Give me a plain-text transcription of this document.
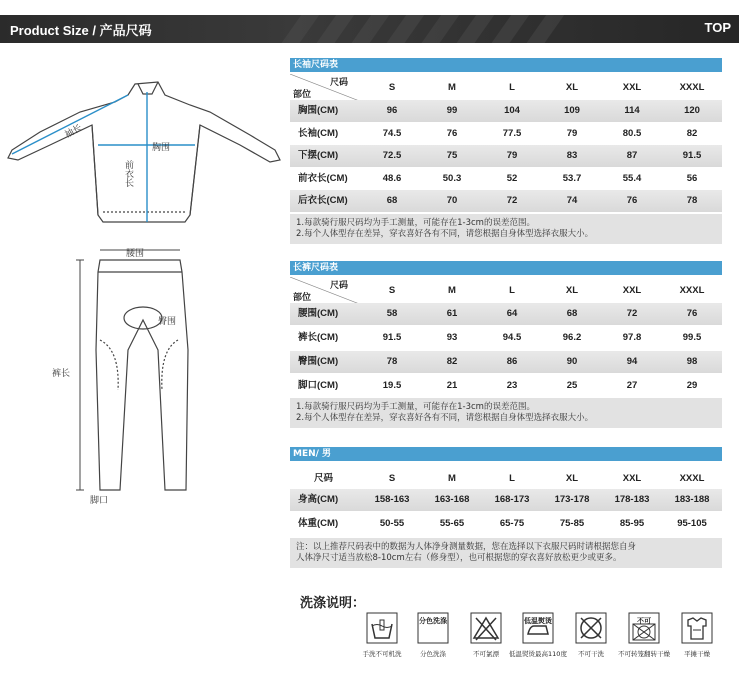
Product Size / 产品尺码	TOP
袖长
胸围
前衣长
腰围
臀围
裤长
脚口
长袖尺码表
尺码
部位
S	M	L	XL	XXL	XXXL
胸围(CM)	96	99	104	109	114	120
长袖(CM)	74.5	76	77.5	79	80.5	82
下摆(CM)	72.5	75	79	83	87	91.5
前衣长(CM)	48.6	50.3	52	53.7	55.4	56
后衣长(CM)	68	70	72	74	76	78
1.每款骑行服尺码均为手工测量，可能存在1-3cm的误差范围。
2.每个人体型存在差异，穿衣喜好各有不同，请您根据自身体型选择衣服大小。
长裤尺码表
尺码
部位
S	M	L	XL	XXL	XXXL
腰围(CM)	58	61	64	68	72	76
裤长(CM)	91.5	93	94.5	96.2	97.8	99.5
臀围(CM)	78	82	86	90	94	98
脚口(CM)	19.5	21	23	25	27	29
1.每款骑行服尺码均为手工测量，可能存在1-3cm的误差范围。
2.每个人体型存在差异，穿衣喜好各有不同，请您根据自身体型选择衣服大小。
MEN/ 男
尺码	S	M	L	XL	XXL	XXXL
身高(CM)	158-163	163-168	168-173	173-178	178-183	183-188
体重(CM)	50-55	55-65	65-75	75-85	85-95	95-105
注：以上推荐尺码表中的数据为人体净身测量数据，您在选择以下衣服尺码时请根据您自身
人体净尺寸适当放松8-10cm左右（修身型），也可根据您的穿衣喜好放松更少或更多。
洗涤说明：
手洗不可机洗
分色洗涤
分色洗涤	不可氯漂
低温熨烫
低温熨烫最高110度	不可干洗
不可
不可转笼翻转干燥	平摊干燥
